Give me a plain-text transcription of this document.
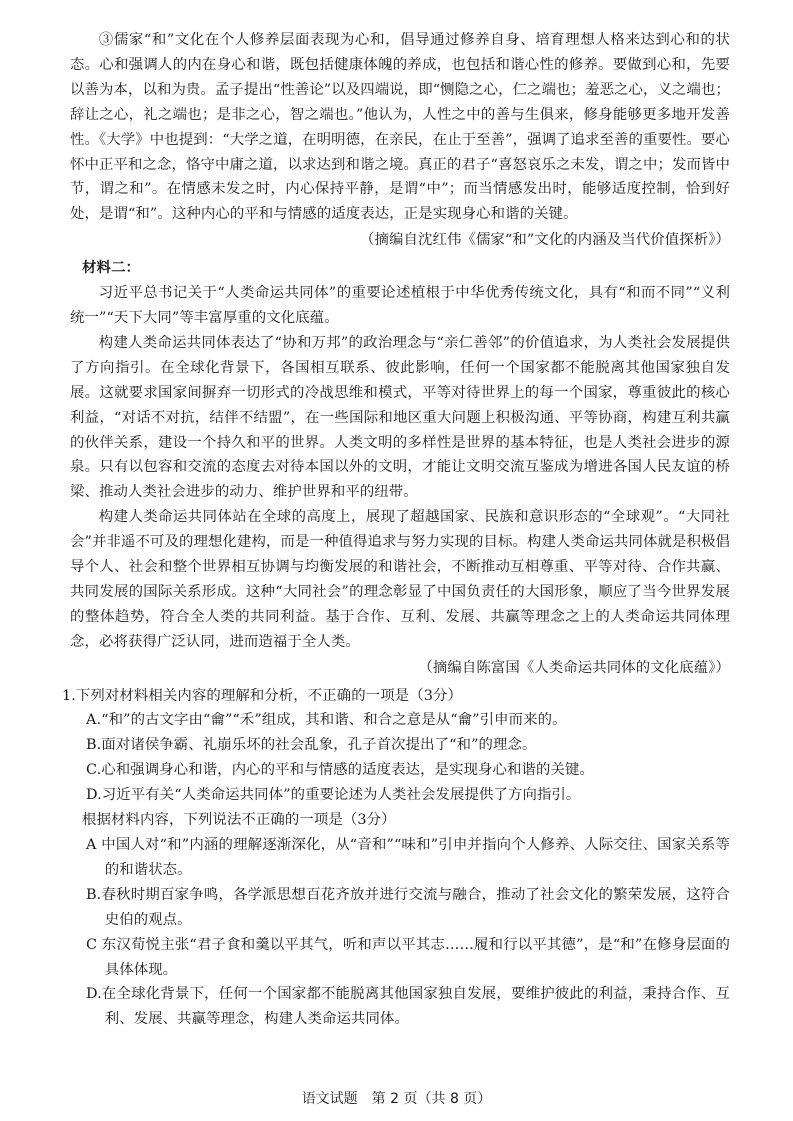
③儒家“和”文化在个人修养层面表现为心和，倡导通过修养自身、培育理想人格来达到心和的状态。心和强调人的内在身心和谐，既包括健康体魄的养成，也包括和谐心性的修养。要做到心和，先要以善为本，以和为贵。孟子提出“性善论”以及四端说，即“恻隐之心，仁之端也；羞恶之心，义之端也；辞让之心，礼之端也；是非之心，智之端也。”他认为，人性之中的善与生俱来，修身能够更多地开发善性。《大学》中也提到：“大学之道，在明明德，在亲民，在止于至善”，强调了追求至善的重要性。要心怀中正平和之念，恪守中庸之道，以求达到和谐之境。真正的君子“喜怒哀乐之未发，谓之中；发而皆中节，谓之和”。在情感未发之时，内心保持平静，是谓“中”；而当情感发出时，能够适度控制，恰到好处，是谓“和”。这种内心的平和与情感的适度表达，正是实现身心和谐的关键。

（摘编自沈红伟《儒家“和”文化的内涵及当代价值探析》）

材料二：

习近平总书记关于“人类命运共同体”的重要论述植根于中华优秀传统文化，具有“和而不同”“义利统一”“天下大同”等丰富厚重的文化底蕴。

构建人类命运共同体表达了“协和万邦”的政治理念与“亲仁善邻”的价值追求，为人类社会发展提供了方向指引。在全球化背景下，各国相互联系、彼此影响，任何一个国家都不能脱离其他国家独自发展。这就要求国家间摒弃一切形式的冷战思维和模式，平等对待世界上的每一个国家，尊重彼此的核心利益，“对话不对抗，结伴不结盟”，在一些国际和地区重大问题上积极沟通、平等协商，构建互利共赢的伙伴关系，建设一个持久和平的世界。人类文明的多样性是世界的基本特征，也是人类社会进步的源泉。只有以包容和交流的态度去对待本国以外的文明，才能让文明交流互鉴成为增进各国人民友谊的桥梁、推动人类社会进步的动力、维护世界和平的纽带。

构建人类命运共同体站在全球的高度上，展现了超越国家、民族和意识形态的“全球观”。“大同社会”并非遥不可及的理想化建构，而是一种值得追求与努力实现的目标。构建人类命运共同体就是积极倡导个人、社会和整个世界相互协调与均衡发展的和谐社会，不断推动互相尊重、平等对待、合作共赢、共同发展的国际关系形成。这种“大同社会”的理念彰显了中国负责任的大国形象，顺应了当今世界发展的整体趋势，符合全人类的共同利益。基于合作、互利、发展、共赢等理念之上的人类命运共同体理念，必将获得广泛认同，进而造福于全人类。

（摘编自陈富国《人类命运共同体的文化底蕴》）

1.下列对材料相关内容的理解和分析，不正确的一项是（3分）

A.“和”的古文字由“龠”“禾”组成，其和谐、和合之意是从“龠”引申而来的。

B.面对诸侯争霸、礼崩乐坏的社会乱象，孔子首次提出了“和”的理念。

C.心和强调身心和谐，内心的平和与情感的适度表达，是实现身心和谐的关键。

D.习近平有关“人类命运共同体”的重要论述为人类社会发展提供了方向指引。

根据材料内容，下列说法不正确的一项是（3分）

A 中国人对“和”内涵的理解逐渐深化，从“音和”“味和”引申并指向个人修养、人际交往、国家关系等的和谐状态。

B.春秋时期百家争鸣，各学派思想百花齐放并进行交流与融合，推动了社会文化的繁荣发展，这符合史伯的观点。

C 东汉荀悦主张“君子食和羹以平其气，听和声以平其志……履和行以平其德”，是“和”在修身层面的具体体现。

D.在全球化背景下，任何一个国家都不能脱离其他国家独自发展，要维护彼此的利益，秉持合作、互利、发展、共赢等理念，构建人类命运共同体。

语文试题　第 2 页（共 8 页）
